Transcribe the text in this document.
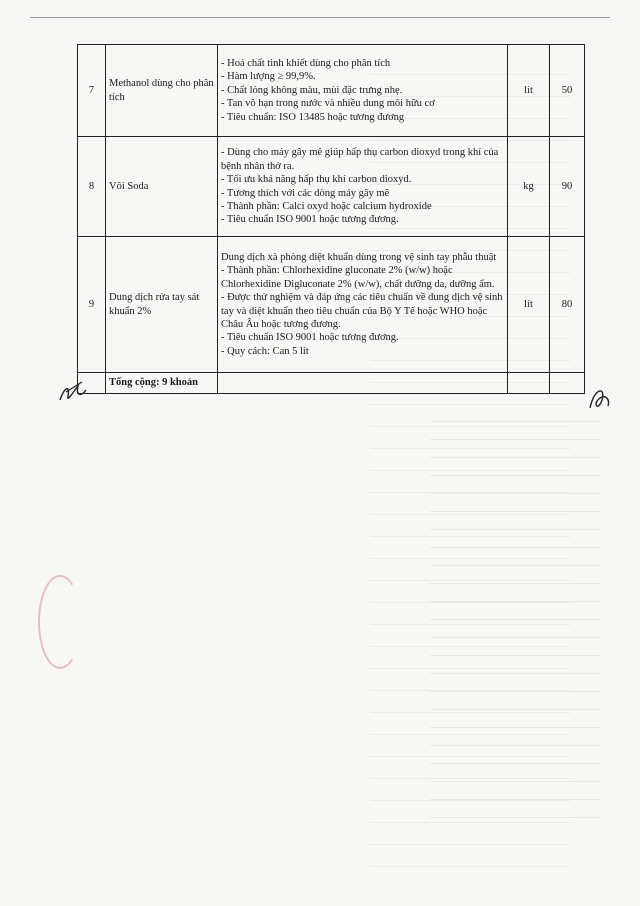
7	Methanol dùng cho phân tích	- Hoá chất tinh khiết dùng cho phân tích
- Hàm lượng ≥ 99,9%.
- Chất lỏng không màu, mùi đặc trưng nhẹ.
- Tan vô hạn trong nước và nhiều dung môi hữu cơ
- Tiêu chuẩn: ISO 13485 hoặc tương đương	lít	50
8	Vôi Soda	- Dùng cho máy gây mê giúp hấp thụ carbon dioxyd trong khí của bệnh nhân thở ra.
- Tối ưu khả năng hấp thụ khí carbon dioxyd.
- Tương thích với các dòng máy gây mê
- Thành phần: Calci oxyd hoặc calcium hydroxide
- Tiêu chuẩn ISO 9001 hoặc tương đương.	kg	90
9	Dung dịch rửa tay sát khuẩn 2%	Dung dịch xà phòng diệt khuẩn dùng trong vệ sinh tay phẫu thuật
- Thành phần: Chlorhexidine gluconate 2% (w/w) hoặc Chlorhexidine Digluconate 2% (w/w), chất dưỡng da, dưỡng ẩm.
- Được thử nghiệm và đáp ứng các tiêu chuẩn về dung dịch vệ sinh tay và diệt khuẩn theo tiêu chuẩn của Bộ Y Tế hoặc WHO hoặc Châu Âu hoặc tương đương.
- Tiêu chuẩn ISO 9001 hoặc tương đương.
- Quy cách: Can 5 lít	lít	80
	Tổng cộng: 9 khoản			
